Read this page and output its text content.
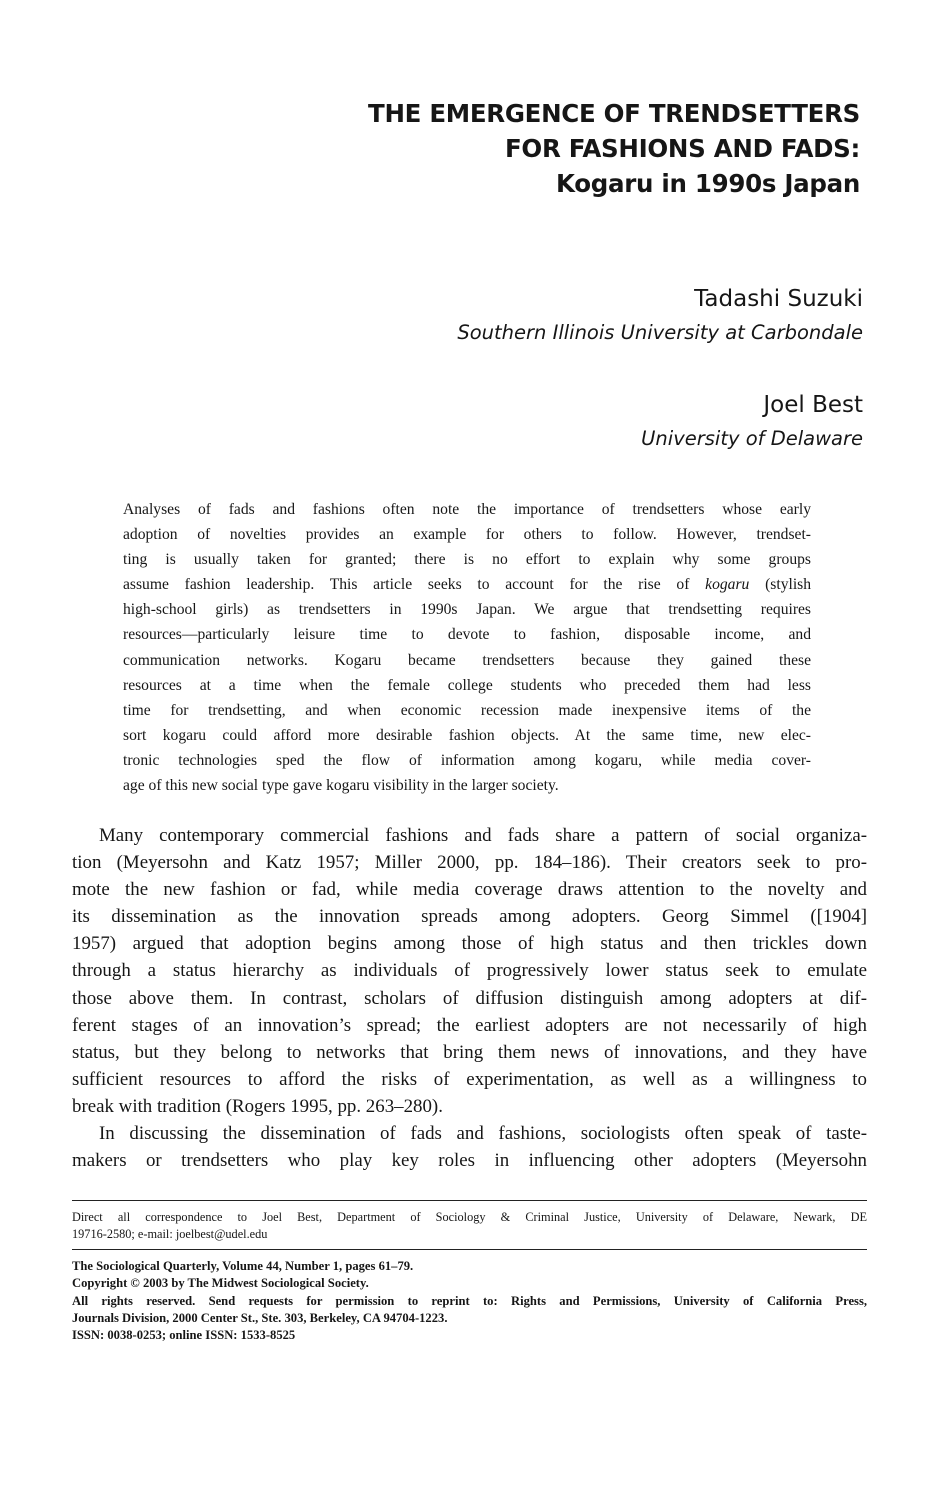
THE EMERGENCE OF TRENDSETTERS
FOR FASHIONS AND FADS:
Kogaru in 1990s Japan
Tadashi Suzuki
Southern Illinois University at Carbondale
Joel Best
University of Delaware
Analyses of fads and fashions often note the importance of trendsetters whose early
adoption of novelties provides an example for others to follow. However, trendset-
ting is usually taken for granted; there is no effort to explain why some groups
assume fashion leadership. This article seeks to account for the rise of kogaru (stylish
high-school girls) as trendsetters in 1990s Japan. We argue that trendsetting requires
resources—particularly leisure time to devote to fashion, disposable income, and
communication networks. Kogaru became trendsetters because they gained these
resources at a time when the female college students who preceded them had less
time for trendsetting, and when economic recession made inexpensive items of the
sort kogaru could afford more desirable fashion objects. At the same time, new elec-
tronic technologies sped the flow of information among kogaru, while media cover-
age of this new social type gave kogaru visibility in the larger society.
Many contemporary commercial fashions and fads share a pattern of social organiza-
tion (Meyersohn and Katz 1957; Miller 2000, pp. 184–186). Their creators seek to pro-
mote the new fashion or fad, while media coverage draws attention to the novelty and
its dissemination as the innovation spreads among adopters. Georg Simmel ([1904]
1957) argued that adoption begins among those of high status and then trickles down
through a status hierarchy as individuals of progressively lower status seek to emulate
those above them. In contrast, scholars of diffusion distinguish among adopters at dif-
ferent stages of an innovation’s spread; the earliest adopters are not necessarily of high
status, but they belong to networks that bring them news of innovations, and they have
sufficient resources to afford the risks of experimentation, as well as a willingness to
break with tradition (Rogers 1995, pp. 263–280).
In discussing the dissemination of fads and fashions, sociologists often speak of taste-
makers or trendsetters who play key roles in influencing other adopters (Meyersohn
Direct all correspondence to Joel Best, Department of Sociology & Criminal Justice, University of Delaware, Newark, DE
19716-2580; e-mail: joelbest@udel.edu
The Sociological Quarterly, Volume 44, Number 1, pages 61–79.
Copyright © 2003 by The Midwest Sociological Society.
All rights reserved. Send requests for permission to reprint to: Rights and Permissions, University of California Press,
Journals Division, 2000 Center St., Ste. 303, Berkeley, CA 94704-1223.
ISSN: 0038-0253; online ISSN: 1533-8525
